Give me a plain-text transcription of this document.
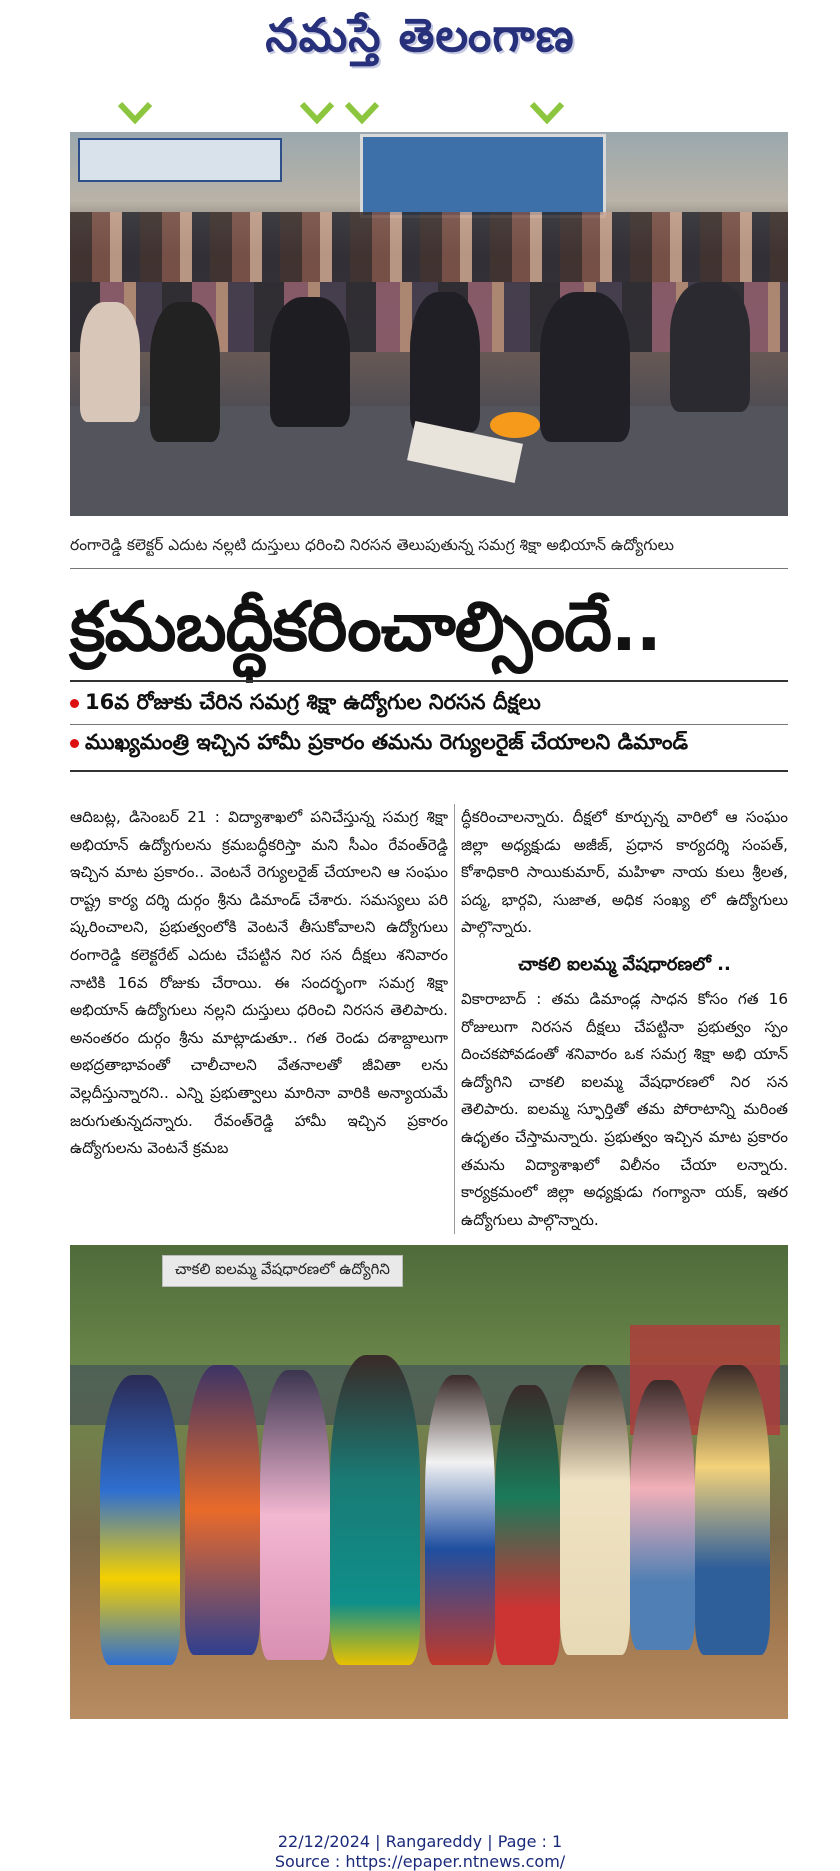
నమస్తే తెలంగాణ
రంగారెడ్డి కలెక్టర్ ఎదుట నల్లటి దుస్తులు ధరించి నిరసన తెలుపుతున్న సమగ్ర శిక్షా అభియాన్ ఉద్యోగులు
క్రమబద్ధీకరించాల్సిందే..
16వ రోజుకు చేరిన సమగ్ర శిక్షా ఉద్యోగుల నిరసన దీక్షలు
ముఖ్యమంత్రి ఇచ్చిన హామీ ప్రకారం తమను రెగ్యులరైజ్ చేయాలని డిమాండ్
ఆదిబట్ల, డిసెంబర్ 21 : విద్యాశాఖలో పనిచేస్తున్న సమగ్ర శిక్షా అభియాన్ ఉద్యోగులను క్రమబద్ధీకరిస్తా మని సీఎం రేవంత్‌రెడ్డి ఇచ్చిన మాట ప్రకారం.. వెంటనే రెగ్యులరైజ్ చేయాలని ఆ సంఘం రాష్ట్ర కార్య దర్శి దుర్గం శ్రీను డిమాండ్ చేశారు. సమస్యలు పరి ష్కరించాలని, ప్రభుత్వంలోకి వెంటనే తీసుకోవాలని ఉద్యోగులు రంగారెడ్డి కలెక్టరేట్ ఎదుట చేపట్టిన నిర సన దీక్షలు శనివారం నాటికి 16వ రోజుకు చేరాయి. ఈ సందర్భంగా సమగ్ర శిక్షా అభియాన్ ఉద్యోగులు నల్లని దుస్తులు ధరించి నిరసన తెలిపారు. అనంతరం దుర్గం శ్రీను మాట్లాడుతూ.. గత రెండు దశాబ్దాలుగా అభద్రతాభావంతో చాలీచాలని వేతనాలతో జీవితా లను వెల్లదీస్తున్నారని.. ఎన్ని ప్రభుత్వాలు మారినా వారికి అన్యాయమే జరుగుతున్నదన్నారు. రేవంత్‌రెడ్డి హామీ ఇచ్చిన ప్రకారం ఉద్యోగులను వెంటనే క్రమబ
ద్ధీకరించాలన్నారు. దీక్షలో కూర్చున్న వారిలో ఆ సంఘం జిల్లా అధ్యక్షుడు అజీజ్, ప్రధాన కార్యదర్శి సంపత్, కోశాధికారి సాయికుమార్, మహిళా నాయ కులు శ్రీలత, పద్మ, భార్గవి, సుజాత, అధిక సంఖ్య లో ఉద్యోగులు పాల్గొన్నారు.
చాకలి ఐలమ్మ వేషధారణలో ..
వికారాబాద్ : తమ డిమాండ్ల సాధన కోసం గత 16 రోజులుగా నిరసన దీక్షలు చేపట్టినా ప్రభుత్వం స్పం దించకపోవడంతో శనివారం ఒక సమగ్ర శిక్షా అభి యాన్ ఉద్యోగిని చాకలి ఐలమ్మ వేషధారణలో నిర సన తెలిపారు. ఐలమ్మ స్ఫూర్తితో తమ పోరాటాన్ని మరింత ఉధృతం చేస్తామన్నారు. ప్రభుత్వం ఇచ్చిన మాట ప్రకారం తమను విద్యాశాఖలో విలీనం చేయా లన్నారు. కార్యక్రమంలో జిల్లా అధ్యక్షుడు గంగ్యానా యక్, ఇతర ఉద్యోగులు పాల్గొన్నారు.
చాకలి ఐలమ్మ వేషధారణలో ఉద్యోగిని
22/12/2024 | Rangareddy | Page : 1
Source : https://epaper.ntnews.com/
